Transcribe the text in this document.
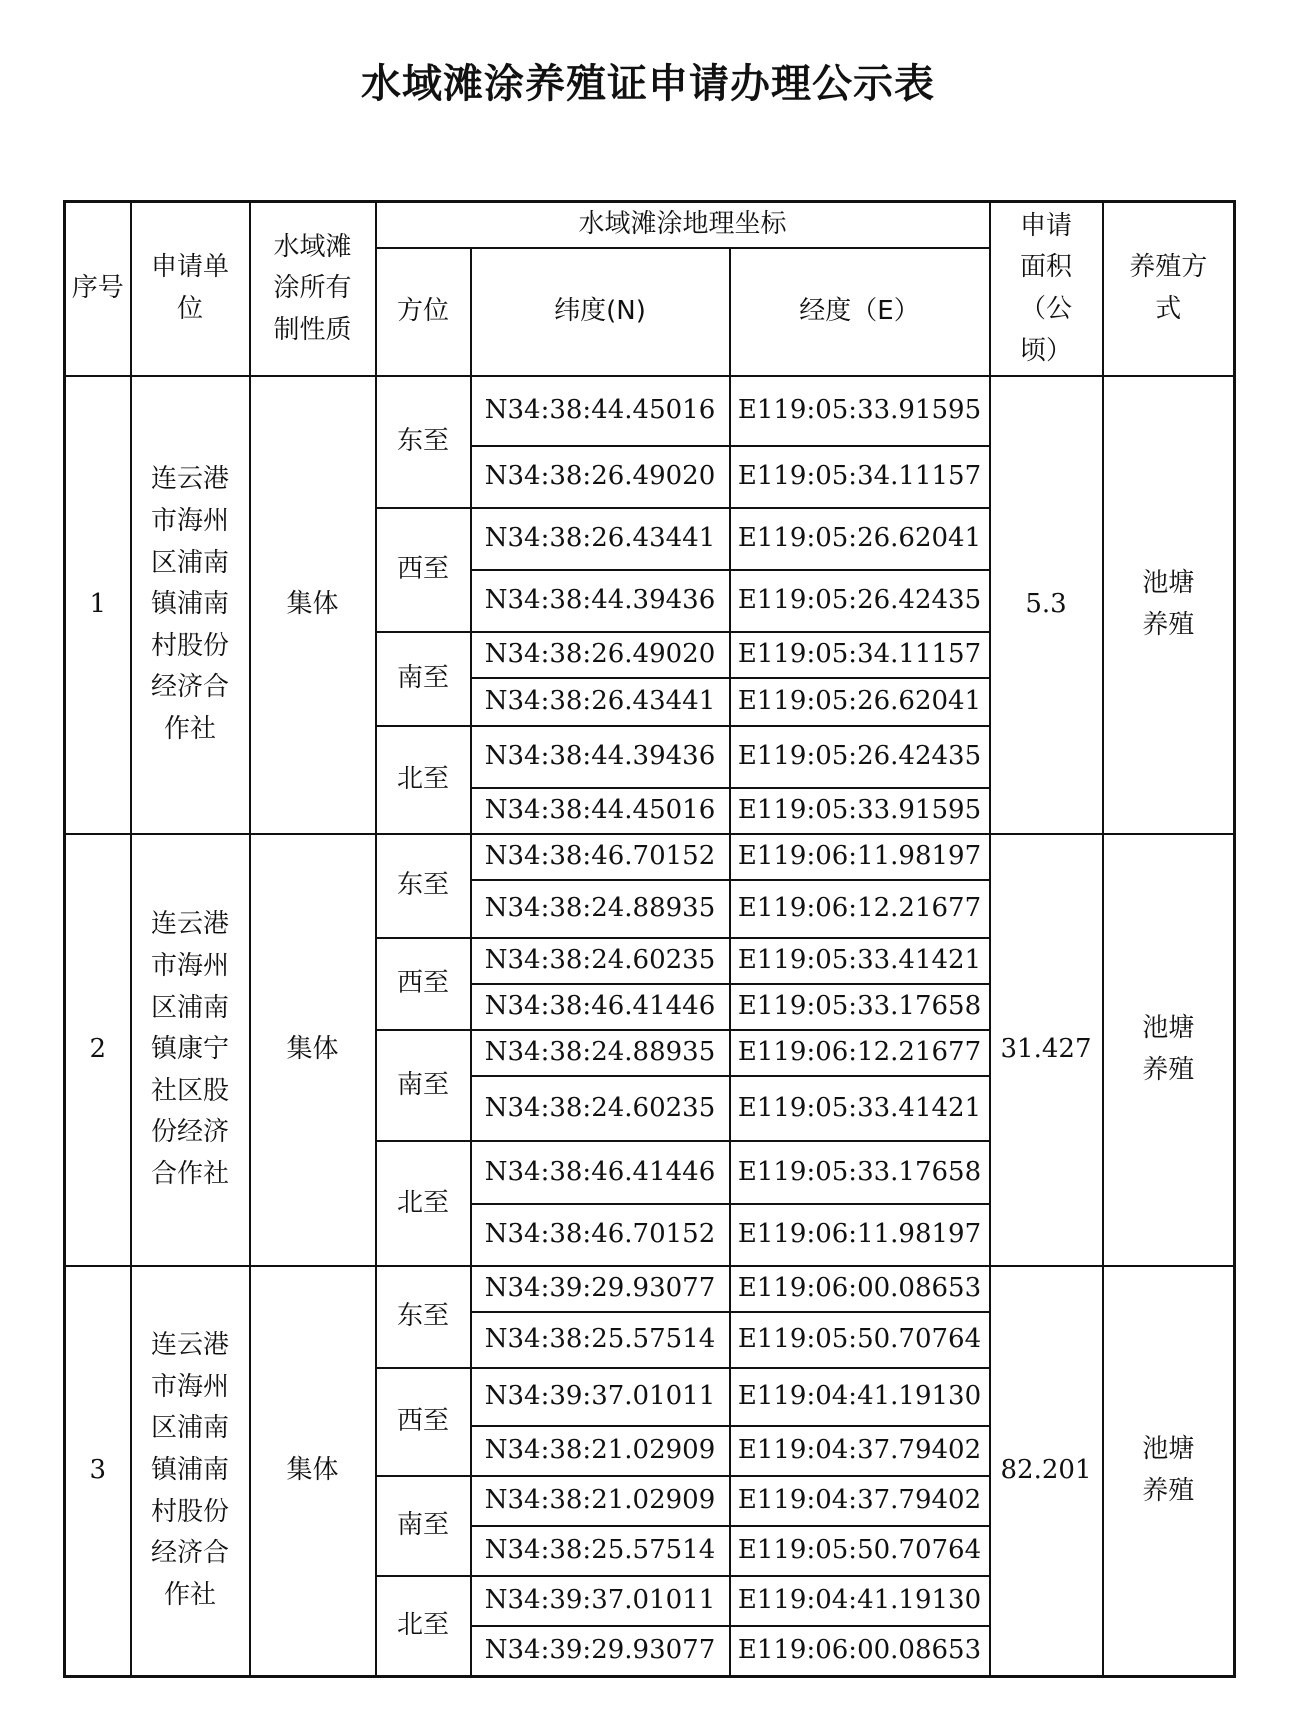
水域滩涂养殖证申请办理公示表
序号	申请单位	水域滩涂所有制性质	水域滩涂地理坐标			申请面积（公顷）	养殖方式
			方位	纬度(N)	经度（E）		
1	连云港市海州区浦南镇浦南村股份经济合作社	集体	东至	N34:38:44.45016	E119:05:33.91595	5.3	池塘养殖
				N34:38:26.49020	E119:05:34.11157		
			西至	N34:38:26.43441	E119:05:26.62041		
				N34:38:44.39436	E119:05:26.42435		
			南至	N34:38:26.49020	E119:05:34.11157		
				N34:38:26.43441	E119:05:26.62041		
			北至	N34:38:44.39436	E119:05:26.42435		
				N34:38:44.45016	E119:05:33.91595		
2	连云港市海州区浦南镇康宁社区股份经济合作社	集体	东至	N34:38:46.70152	E119:06:11.98197	31.427	池塘养殖
				N34:38:24.88935	E119:06:12.21677		
			西至	N34:38:24.60235	E119:05:33.41421		
				N34:38:46.41446	E119:05:33.17658		
			南至	N34:38:24.88935	E119:06:12.21677		
				N34:38:24.60235	E119:05:33.41421		
			北至	N34:38:46.41446	E119:05:33.17658		
				N34:38:46.70152	E119:06:11.98197		
3	连云港市海州区浦南镇浦南村股份经济合作社	集体	东至	N34:39:29.93077	E119:06:00.08653	82.201	池塘养殖
				N34:38:25.57514	E119:05:50.70764		
			西至	N34:39:37.01011	E119:04:41.19130		
				N34:38:21.02909	E119:04:37.79402		
			南至	N34:38:21.02909	E119:04:37.79402		
				N34:38:25.57514	E119:05:50.70764		
			北至	N34:39:37.01011	E119:04:41.19130		
				N34:39:29.93077	E119:06:00.08653		
